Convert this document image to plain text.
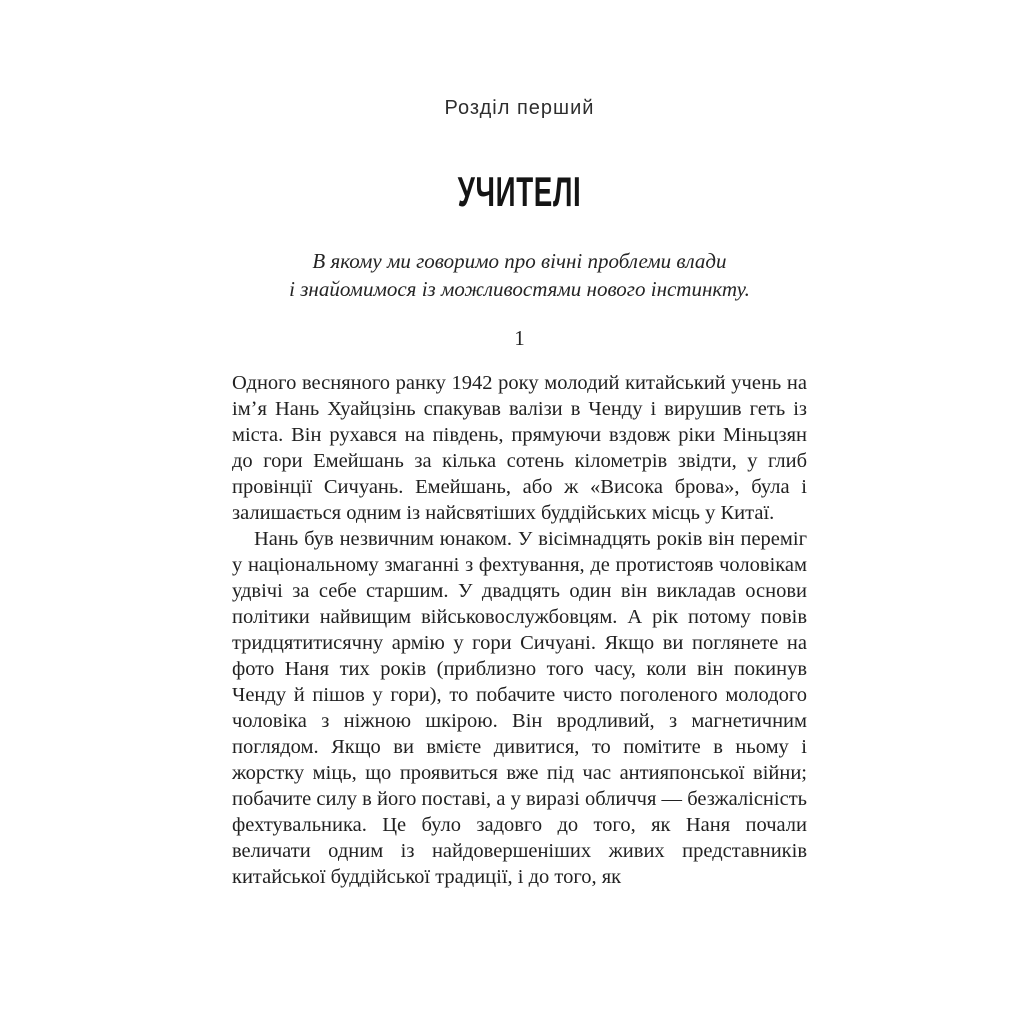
Розділ перший
УЧИТЕЛІ
В якому ми говоримо про вічні проблеми влади
і знайомимося із можливостями нового інстинкту.
1

Одного весняного ранку 1942 року молодий китайський учень на імʼя Нань Хуайцзінь спакував валізи в Ченду і вирушив геть із міста. Він рухався на південь, прямуючи вздовж ріки Міньцзян до гори Емейшань за кілька сотень кілометрів звідти, у глиб провінції Сичуань. Емейшань, або ж «Висока брова», була і залишається одним із найсвятіших буддійських місць у Китаї.

Нань був незвичним юнаком. У вісімнадцять років він переміг у національному змаганні з фехтування, де протистояв чоловікам удвічі за себе старшим. У двадцять один він викладав основи політики найвищим військовослужбовцям. А рік потому повів тридцятитисячну армію у гори Сичуані. Якщо ви поглянете на фото Наня тих років (приблизно того часу, коли він покинув Ченду й пішов у гори), то побачите чисто поголеного молодого чоловіка з ніжною шкірою. Він вродливий, з магнетичним поглядом. Якщо ви вмієте дивитися, то помітите в ньому і жорстку міць, що проявиться вже під час антияпонської війни; побачите силу в його поставі, а у виразі обличчя — безжалісність фехтувальника. Це було задовго до того, як Наня почали величати одним із найдовершеніших живих представників китайської буддійської традиції, і до того, як
